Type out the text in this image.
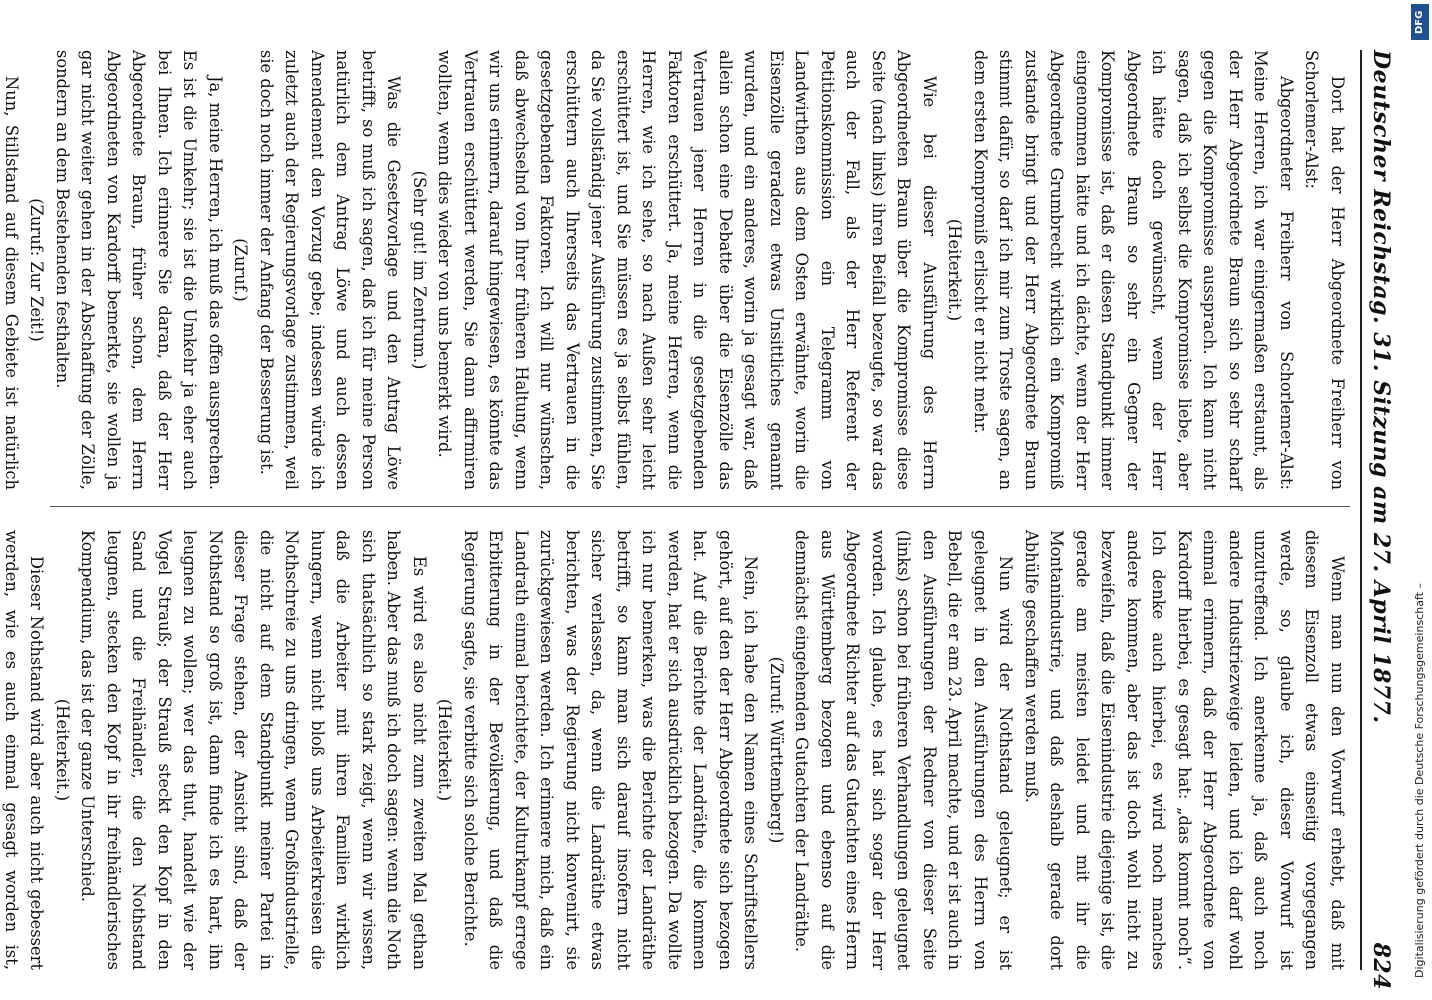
Deutscher Reichstag. 31. Sitzung am 27. April 1877.
824

Dort hat der Herr Abgeordnete Freiherr von Schorlemer-Alst:

Abgeordneter Freiherr von Schorlemer-Alst: Meine Herren, ich war einigermaßen erstaunt, als der Herr Abgeordnete Braun sich so sehr scharf gegen die Kompromisse aussprach. Ich kann nicht sagen, daß ich selbst die Kompromisse liebe, aber ich hätte doch gewünscht, wenn der Herr Abgeordnete Braun so sehr ein Gegner der Kompromisse ist, daß er diesen Standpunkt immer eingenommen hätte und ich dächte, wenn der Herr Abgeordnete Grumbrecht wirklich ein Kompromiß zustande bringt und der Herr Abgeordnete Braun stimmt dafür, so darf ich mir zum Troste sagen, an dem ersten Kompromiß erlischt er nicht mehr.

(Heiterkeit.)

Wie bei dieser Ausführung des Herrn Abgeordneten Braun über die Kompromisse diese Seite (nach links) ihren Beifall bezeugte, so war das auch der Fall, als der Herr Referent der Petitionskommission ein Telegramm von Landwirthen aus dem Osten erwähnte, worin die Eisenzölle geradezu etwas Unsittliches genannt wurden, und ein anderes, worin ja gesagt war, daß allein schon eine Debatte über die Eisenzölle das Vertrauen jener Herren in die gesetzgebenden Faktoren erschüttert. Ja, meine Herren, wenn die Herren, wie ich sehe, so nach Außen sehr leicht erschüttert ist, und Sie müssen es ja selbst fühlen, da Sie vollständig jener Ausführung zustimmten, Sie erschüttern auch Ihrerseits das Vertrauen in die gesetzgebenden Faktoren. Ich will nur wünschen, daß abwechselnd von Ihrer früheren Haltung, wenn wir uns erinnern, darauf hingewiesen, es könnte das Vertrauen erschüttert werden, Sie dann affirmiren wollten, wenn dies wieder von uns bemerkt wird.

(Sehr gut! im Zentrum.)

Was die Gesetzvorlage und den Antrag Löwe betrifft, so muß ich sagen, daß ich für meine Person natürlich dem Antrag Löwe und auch dessen Amendement den Vorzug gebe; indessen würde ich zuletzt auch der Regierungsvorlage zustimmen, weil sie doch noch immer der Anfang der Besserung ist.

(Zuruf.)

Ja, meine Herren, ich muß das offen aussprechen. Es ist die Umkehr; sie ist die Umkehr ja eher auch bei Ihnen. Ich erinnere Sie daran, daß der Herr Abgeordnete Braun, früher schon, dem Herrn Abgeordneten von Kardorff bemerkte, sie wollen ja gar nicht weiter gehen in der Abschaffung der Zölle, sondern an dem Bestehenden festhalten.

(Zuruf: Zur Zeit!)

Nun, Stillstand auf diesem Gebiete ist natürlich

Wenn man nun den Vorwurf erhebt, daß mit diesem Eisenzoll etwas einseitig vorgegangen werde, so, glaube ich, dieser Vorwurf ist unzutreffend. Ich anerkenne ja, daß auch noch andere Industriezweige leiden, und ich darf wohl einmal erinnern, daß der Herr Abgeordnete von Kardorff hierbei, es gesagt hat: „das kommt noch“. Ich denke auch hierbei, es wird noch manches andere kommen, aber das ist doch wohl nicht zu bezweifeln, daß die Eisenindustrie diejenige ist, die gerade am meisten leidet und mit ihr die Montanindustrie, und daß deshalb gerade dort Abhülfe geschaffen werden muß.

Nun wird der Nothstand geleugnet; er ist geleugnet in den Ausführungen des Herrn von Bebell, die er am 23. April machte, und er ist auch in den Ausführungen der Redner von dieser Seite (links) schon bei früheren Verhandlungen geleugnet worden. Ich glaube, es hat sich sogar der Herr Abgeordnete Richter auf das Gutachten eines Herrn aus Württemberg bezogen und ebenso auf die demnächst eingehenden Gutachten der Landräthe.

(Zuruf: Württemberg!)

Nein, ich habe den Namen eines Schriftstellers gehört, auf den der Herr Abgeordnete sich bezogen hat. Auf die Berichte der Landräthe, die kommen werden, hat er sich ausdrücklich bezogen. Da wollte ich nur bemerken, was die Berichte der Landräthe betrifft, so kann man sich darauf insofern nicht sicher verlassen, da, wenn die Landräthe etwas berichten, was der Regierung nicht konvenirt, sie zurückgewiesen werden. Ich erinnere mich, daß ein Landrath einmal berichtete, der Kulturkampf errege Erbitterung in der Bevölkerung, und daß die Regierung sagte, sie verbitte sich solche Berichte.

(Heiterkeit.)

Es wird es also nicht zum zweiten Mal gethan haben. Aber das muß ich doch sagen: wenn die Noth sich thatsächlich so stark zeigt, wenn wir wissen, daß die Arbeiter mit ihren Familien wirklich hungern, wenn nicht bloß uns Arbeiterkreisen die Nothschreie zu uns dringen, wenn Großindustrielle, die nicht auf dem Standpunkt meiner Partei in dieser Frage stehen, der Ansicht sind, daß der Nothstand so groß ist, dann finde ich es hart, ihn leugnen zu wollen; wer das thut, handelt wie der Vogel Strauß; der Strauß steckt den Kopf in den Sand und die Freihändler, die den Nothstand leugnen, stecken den Kopf in ihr freihändlerisches Kompendium, das ist der ganze Unterschied.

(Heiterkeit.)

Dieser Nothstand wird aber auch nicht gebessert werden, wie es auch einmal gesagt worden ist,	Digitalisierung gefördert durch die Deutsche Forschungsgemeinschaft –
DFG
